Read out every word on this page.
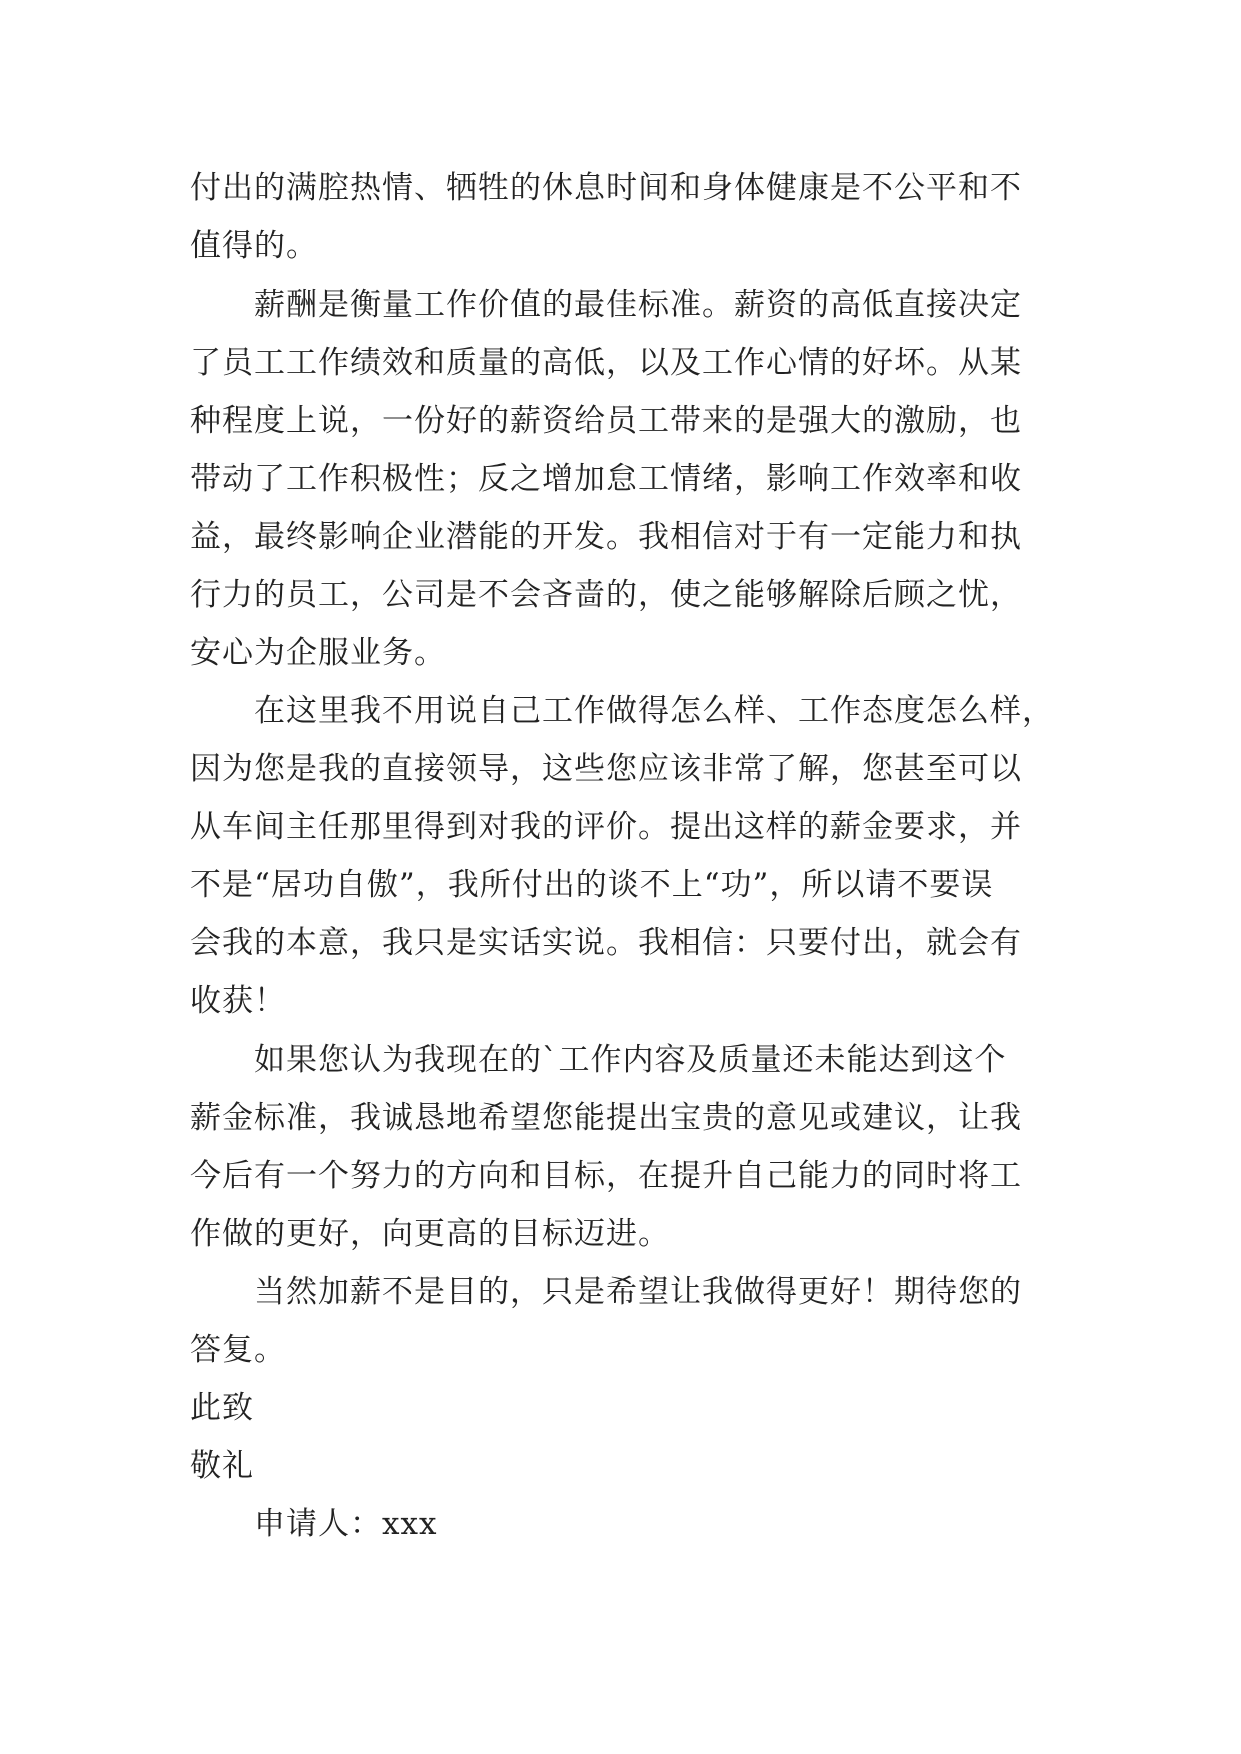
付出的满腔热情、牺牲的休息时间和身体健康是不公平和不
值得的。
薪酬是衡量工作价值的最佳标准。薪资的高低直接决定
了员工工作绩效和质量的高低，以及工作心情的好坏。从某
种程度上说，一份好的薪资给员工带来的是强大的激励，也
带动了工作积极性；反之增加怠工情绪，影响工作效率和收
益，最终影响企业潜能的开发。我相信对于有一定能力和执
行力的员工，公司是不会吝啬的，使之能够解除后顾之忧，
安心为企服业务。
在这里我不用说自己工作做得怎么样、工作态度怎么样，
因为您是我的直接领导，这些您应该非常了解，您甚至可以
从车间主任那里得到对我的评价。提出这样的薪金要求，并
不是“居功自傲”，我所付出的谈不上“功”，所以请不要误
会我的本意，我只是实话实说。我相信：只要付出，就会有
收获！
如果您认为我现在的`工作内容及质量还未能达到这个
薪金标准，我诚恳地希望您能提出宝贵的意见或建议，让我
今后有一个努力的方向和目标，在提升自己能力的同时将工
作做的更好，向更高的目标迈进。
当然加薪不是目的，只是希望让我做得更好！期待您的
答复。
此致
敬礼
申请人：xxx
